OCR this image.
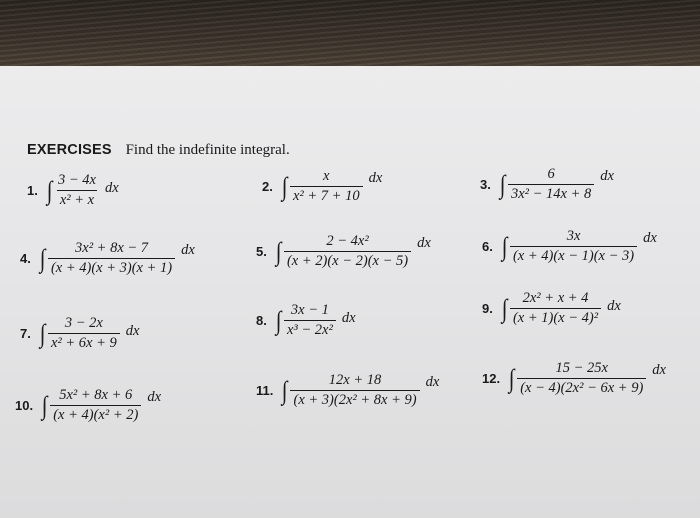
EXERCISES Find the indefinite integral.
1. ∫ $\frac{3 - 4x}{\text{x² + x}}$ dx	2. ∫ $\frac{x}{\text{x² + 7 + 10}}$ dx	3. ∫ $\frac{6}{\text{3x² − 14x + 8}}$ dx
4. ∫ $\frac{\text{3x² + 8x − 7}}{(x + 4)(x + 3)(x + 1)}$ dx	5. ∫ $\frac{\text{2 − 4x²}}{(x + 2)(x - 2)(x - 5)}$ dx	6. ∫ $\frac{3x}{(x + 4)(x - 1)(x - 3)}$ dx
7. ∫ $\frac{3 - 2x}{\text{x² + 6x + 9}}$ dx
8. ∫ $\frac{3x - 1}{\text{x³ − 2x²}}$ dx
9. ∫ $\frac{\text{2x² + x + 4}}{\text{(x + 1)(x − 4)²}}$ dx
10. ∫ $\frac{\text{5x² + 8x + 6}}{\text{(x + 4)(x² + 2)}}$ dx	11. ∫ $\frac{12x + 18}{\text{(x + 3)(2x² + 8x + 9)}}$ dx	12. ∫ $\frac{15 - 25x}{\text{(x − 4)(2x² − 6x + 9)}}$ dx
